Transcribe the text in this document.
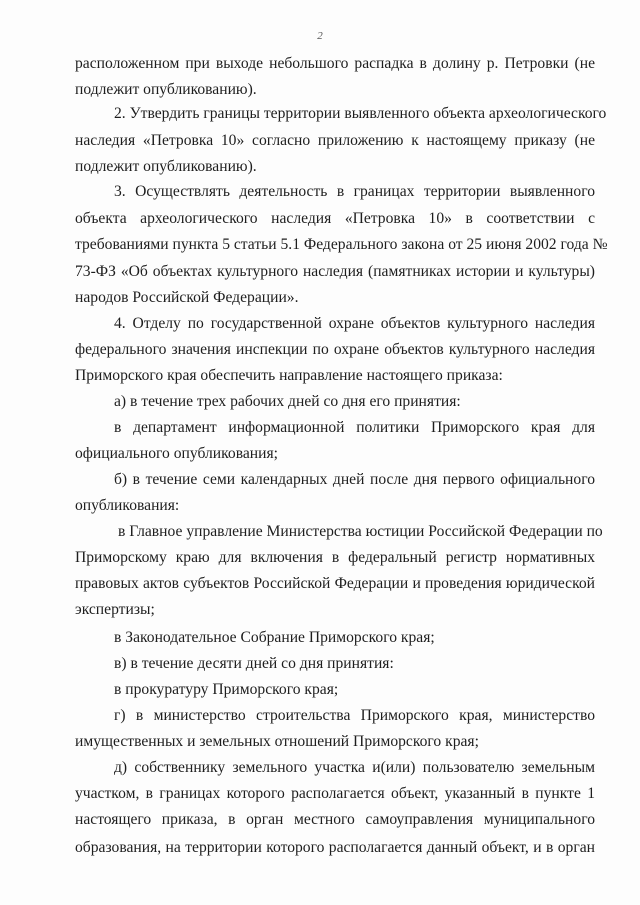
2
расположенном при выходе небольшого распадка в долину р. Петровки (не
подлежит опубликованию).
2. Утвердить границы территории выявленного объекта археологического
наследия «Петровка 10» согласно приложению к настоящему приказу (не
подлежит опубликованию).
3. Осуществлять деятельность в границах территории выявленного
объекта археологического наследия «Петровка 10» в соответствии с
требованиями пункта 5 статьи 5.1 Федерального закона от 25 июня 2002 года №
73-ФЗ «Об объектах культурного наследия (памятниках истории и культуры)
народов Российской Федерации».
4. Отделу по государственной охране объектов культурного наследия
федерального значения инспекции по охране объектов культурного наследия
Приморского края обеспечить направление настоящего приказа:
а) в течение трех рабочих дней со дня его принятия:
в департамент информационной политики Приморского края для
официального опубликования;
б) в течение семи календарных дней после дня первого официального
опубликования:
в Главное управление Министерства юстиции Российской Федерации по
Приморскому краю для включения в федеральный регистр нормативных
правовых актов субъектов Российской Федерации и проведения юридической
экспертизы;
в Законодательное Собрание Приморского края;
в) в течение десяти дней со дня принятия:
в прокуратуру Приморского края;
г) в министерство строительства Приморского края, министерство
имущественных и земельных отношений Приморского края;
д) собственнику земельного участка и(или) пользователю земельным
участком, в границах которого располагается объект, указанный в пункте 1
настоящего приказа, в орган местного самоуправления муниципального
образования, на территории которого располагается данный объект, и в орган
